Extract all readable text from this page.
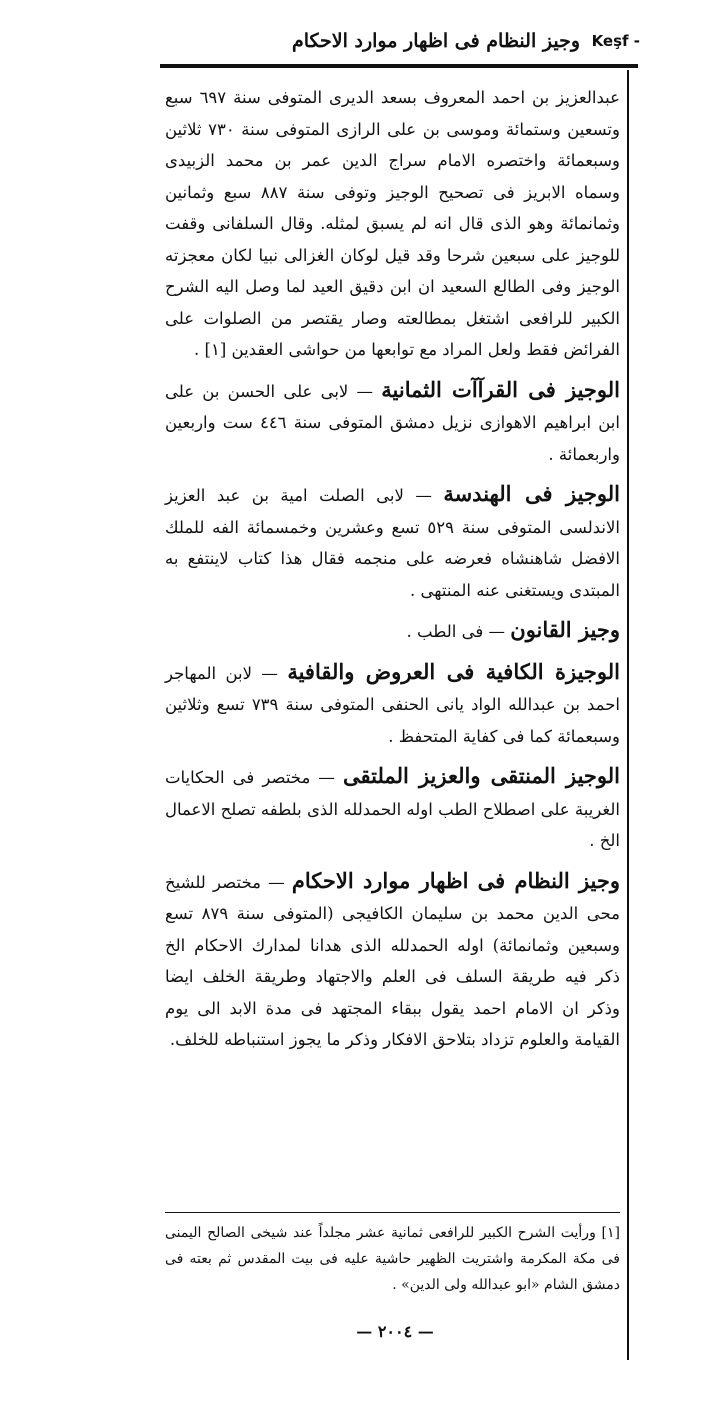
وجيز النظام فى اظهار موارد الاحكام Keşf -

عبدالعزيز بن احمد المعروف بسعد الديرى المتوفى سنة ٦٩٧ سبع وتسعين وستمائة وموسى بن على الرازى المتوفى سنة ٧٣٠ ثلاثين وسبعمائة واختصره الامام سراج الدين عمر بن محمد الزبيدى وسماه الابريز فى تصحيح الوجيز وتوفى سنة ٨٨٧ سبع وثمانين وثمانمائة وهو الذى قال انه لم يسبق لمثله. وقال السلفانى وقفت للوجيز على سبعين شرحا وقد قيل لوكان الغزالى نبيا لكان معجزته الوجيز وفى الطالع السعيد ان ابن دقيق العيد لما وصل اليه الشرح الكبير للرافعى اشتغل بمطالعته وصار يقتصر من الصلوات على الفرائض فقط ولعل المراد مع توابعها من حواشى العقدين [١] .

الوجيز فى القرآآت الثمانية — لابى على الحسن بن على ابن ابراهيم الاهوازى نزيل دمشق المتوفى سنة ٤٤٦ ست واربعين واربعمائة .

الوجيز فى الهندسة — لابى الصلت امية بن عبد العزيز الاندلسى المتوفى سنة ٥٢٩ تسع وعشرين وخمسمائة الفه للملك الافضل شاهنشاه فعرضه على منجمه فقال هذا كتاب لاينتفع به المبتدى ويستغنى عنه المنتهى .

وجيز القانون — فى الطب .

الوجيزة الكافية فى العروض والقافية — لابن المهاجر احمد بن عبدالله الواد يانى الحنفى المتوفى سنة ٧٣٩ تسع وثلاثين وسبعمائة كما فى كفاية المتحفظ .

الوجيز المنتقى والعزيز الملتقى — مختصر فى الحكايات الغريبة على اصطلاح الطب اوله الحمدلله الذى بلطفه تصلح الاعمال الخ .

وجيز النظام فى اظهار موارد الاحكام — مختصر للشيخ محى الدين محمد بن سليمان الكافيجى (المتوفى سنة ٨٧٩ تسع وسبعين وثمانمائة) اوله الحمدلله الذى هدانا لمدارك الاحكام الخ ذكر فيه طريقة السلف فى العلم والاجتهاد وطريقة الخلف ايضا وذكر ان الامام احمد يقول ببقاء المجتهد فى مدة الابد الى يوم القيامة والعلوم تزداد بتلاحق الافكار وذكر ما يجوز استنباطه للخلف.

[١] ورأيت الشرح الكبير للرافعى ثمانية عشر مجلداً عند شيخى الصالح اليمنى فى مكة المكرمة واشتريت الظهير حاشية عليه فى بيت المقدس ثم بعته فى دمشق الشام «ابو عبدالله ولى الدين» .

— ٢٠٠٤ —
